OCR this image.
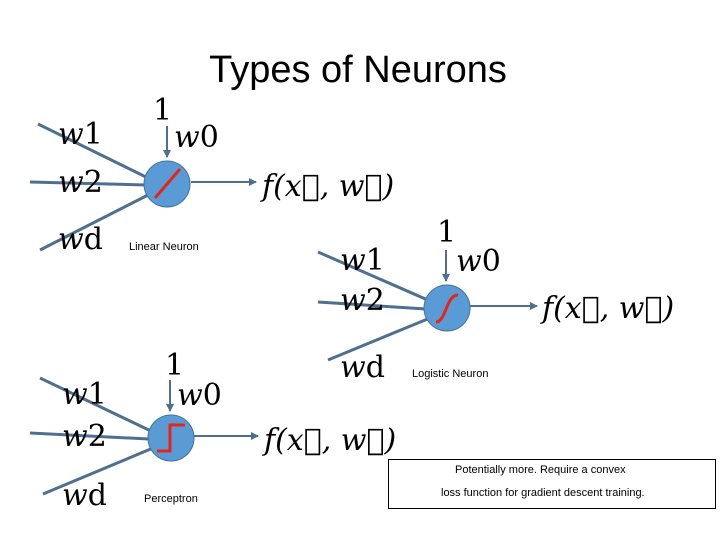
Types of Neurons
1
w0
w1
w2
wd
f(x⃗, w⃗)
Linear Neuron	1
w0
w1
w2
wd
f(x⃗, w⃗)
Logistic Neuron
1
w0
w1
w2
wd
f(x⃗, w⃗)
Perceptron
Potentially more. Require a convex
loss function for gradient descent training.
